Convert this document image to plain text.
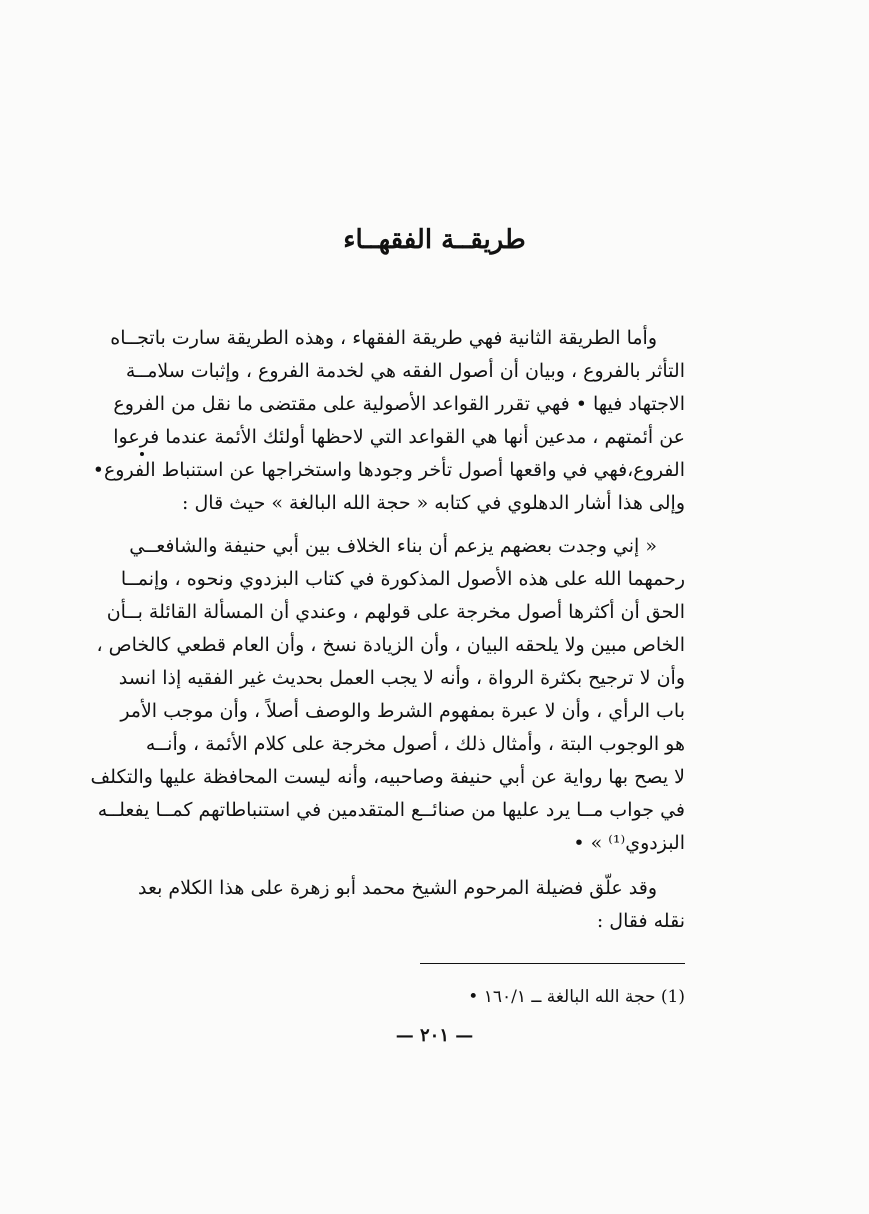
طريقــة الفقهــاء
وأما الطريقة الثانية فهي طريقة الفقهاء ، وهذه الطريقة سارت باتجــاه
التأثر بالفروع ، وبيان أن أصول الفقه هي لخدمة الفروع ، وإثبات سلامــة
الاجتهاد فيها • فهي تقرر القواعد الأصولية على مقتضى ما نقل من الفروع
عن أئمتهم ، مدعين أنها هي القواعد التي لاحظها أولئك الأئمة عندما فرعوا
الفروع،فهي في واقعها أصول تأخر وجودها واستخراجها عن استنباط الفروع•
وإلى هذا أشار الدهلوي في كتابه « حجة الله البالغة » حيث قال :
« إني وجدت بعضهم يزعم أن بناء الخلاف بين أبي حنيفة والشافعــي
رحمهما الله على هذه الأصول المذكورة في كتاب البزدوي ونحوه ، وإنمــا
الحق أن أكثرها أصول مخرجة على قولهم ، وعندي أن المسألة القائلة بــأن
الخاص مبين ولا يلحقه البيان ، وأن الزيادة نسخ ، وأن العام قطعي كالخاص ،
وأن لا ترجيح بكثرة الرواة ، وأنه لا يجب العمل بحديث غير الفقيه إذا انسد
باب الرأي ، وأن لا عبرة بمفهوم الشرط والوصف أصلاً ، وأن موجب الأمر
هو الوجوب البتة ، وأمثال ذلك ، أصول مخرجة على كلام الأئمة ، وأنــه
لا يصح بها رواية عن أبي حنيفة وصاحبيه، وأنه ليست المحافظة عليها والتكلف
في جواب مــا يرد عليها من صنائــع المتقدمين في استنباطاتهم كمــا يفعلــه
البزدوي⁽¹⁾ » •
وقد علّق فضيلة المرحوم الشيخ محمد أبو زهرة على هذا الكلام بعد
نقله فقال :
(1) حجة الله البالغة ــ ١٦٠/١ •
— ٢٠١ —
